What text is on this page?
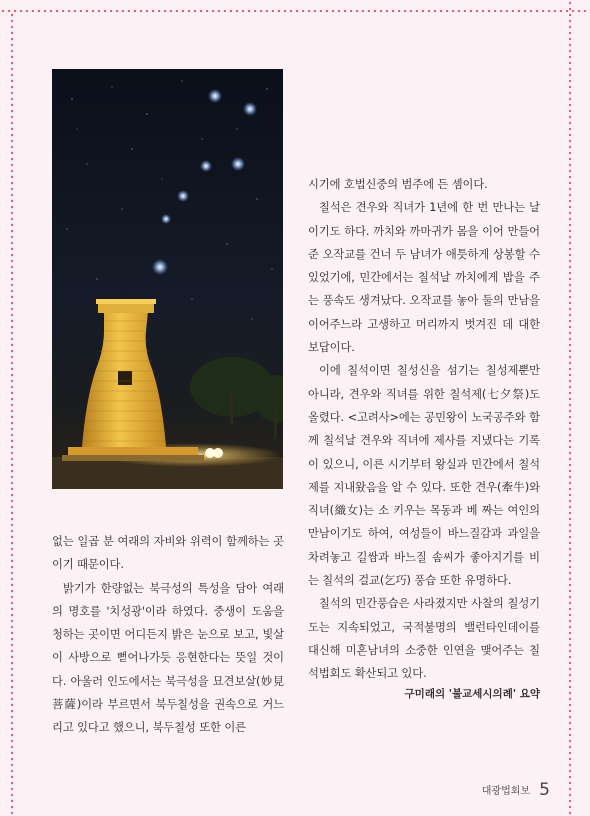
없는 일곱 분 여래의 자비와 위력이 함께하는 곳이기 때문이다.

밝기가 한량없는 북극성의 특성을 담아 여래의 명호를 '치성광'이라 하였다. 중생이 도움을 청하는 곳이면 어디든지 밝은 눈으로 보고, 빛살이 사방으로 뻗어나가듯 응현한다는 뜻일 것이다. 아울러 인도에서는 북극성을 묘견보살(妙見菩薩)이라 부르면서 북두칠성을 권속으로 거느리고 있다고 했으니, 북두칠성 또한 이른

시기에 호법신중의 범주에 든 셈이다.

칠석은 견우와 직녀가 1년에 한 번 만나는 날이기도 하다. 까치와 까마귀가 몸을 이어 만들어준 오작교를 건너 두 남녀가 애틋하게 상봉할 수 있었기에, 민간에서는 칠석날 까치에게 밥을 주는 풍속도 생겨났다. 오작교를 놓아 둘의 만남을 이어주느라 고생하고 머리까지 벗겨진 데 대한 보답이다.

이에 칠석이면 칠성신을 섬기는 칠성제뿐만 아니라, 견우와 직녀를 위한 칠석제(七夕祭)도 올렸다. <고려사>에는 공민왕이 노국공주와 함께 칠석날 견우와 직녀에 제사를 지냈다는 기록이 있으니, 이른 시기부터 왕실과 민간에서 칠석제를 지내왔음을 알 수 있다. 또한 견우(牽牛)와 직녀(織女)는 소 키우는 목동과 베 짜는 여인의 만남이기도 하여, 여성들이 바느질감과 과일을 차려놓고 길쌈과 바느질 솜씨가 좋아지기를 비는 칠석의 걸교(乞巧) 풍습 또한 유명하다.

칠석의 민간풍습은 사라졌지만 사찰의 칠성기도는 지속되었고, 국적불명의 밸런타인데이를 대신해 미혼남녀의 소중한 인연을 맺어주는 칠석법회도 확산되고 있다.

구미래의 '불교세시의례' 요약
대광법회보 5
